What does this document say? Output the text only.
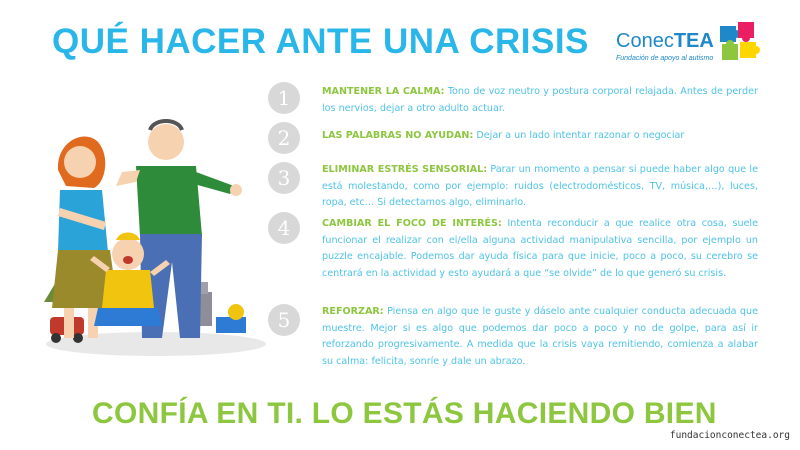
QUÉ HACER ANTE UNA CRISIS ConecTEA
Fundación de apoyo al autismo
1	MANTENER LA CALMA: Tono de voz neutro y postura corporal relajada. Antes de perder los nervios, dejar a otro adulto actuar.
2	LAS PALABRAS NO AYUDAN: Dejar a un lado intentar razonar o negociar
3	ELIMINAR ESTRÉS SENSORIAL: Parar un momento a pensar si puede haber algo que le está molestando, como por ejemplo: ruidos (electrodomésticos, TV, música,…), luces, ropa, etc… Si detectamos algo, eliminarlo.
4	CAMBIAR EL FOCO DE INTERÉS: Intenta reconducir a que realice otra cosa, suele funcionar el realizar con el/ella alguna actividad manipulativa sencilla, por ejemplo un puzzle encajable. Podemos dar ayuda física para que inicie, poco a poco, su cerebro se centrará en la actividad y esto ayudará a que “se olvide” de lo que generó su crisis.
5	REFORZAR: Piensa en algo que le guste y dáselo ante cualquier conducta adecuada que muestre. Mejor si es algo que podemos dar poco a poco y no de golpe, para así ir reforzando progresivamente. A medida que la crisis vaya remitiendo, comienza a alabar su calma: felicita, sonríe y dale un abrazo.
CONFÍA EN TI. LO ESTÁS HACIENDO BIEN
fundacionconectea.org
